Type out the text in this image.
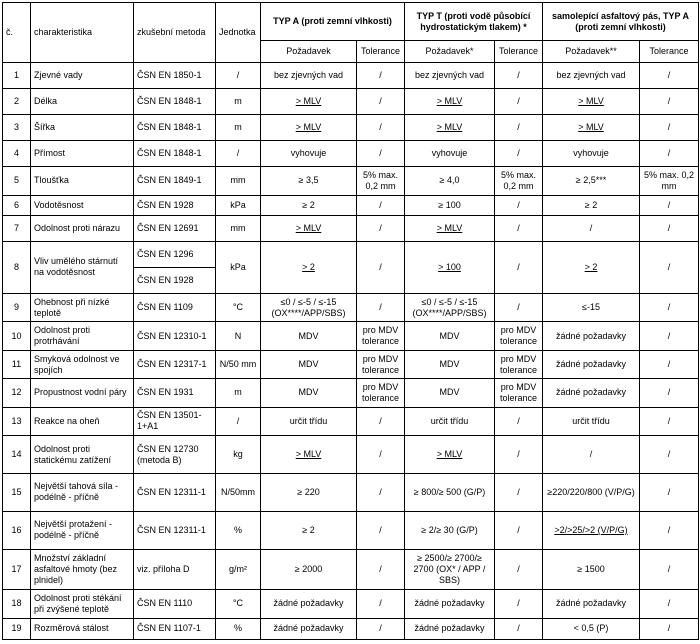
č.	charakteristika	zkušební metoda	Jednotka	TYP A (proti zemní vlhkosti)		TYP T (proti vodě působící hydrostatickým tlakem) *		samolepící asfaltový pás, TYP A (proti zemní vlhkosti)	
				Požadavek	Tolerance	Požadavek*	Tolerance	Požadavek**	Tolerance
1	Zjevné vady	ČSN EN 1850-1	/	bez zjevných vad	/	bez zjevných vad	/	bez zjevných vad	/
2	Délka	ČSN EN 1848-1	m	> MLV	/	> MLV	/	> MLV	/
3	Šířka	ČSN EN 1848-1	m	> MLV	/	> MLV	/	> MLV	/
4	Přímost	ČSN EN 1848-1	/	vyhovuje	/	vyhovuje	/	vyhovuje	/
5	Tloušťka	ČSN EN 1849-1	mm	≥ 3,5	5% max. 0,2 mm	≥ 4,0	5% max. 0,2 mm	≥ 2,5***	5% max. 0,2 mm
6	Vodotěsnost	ČSN EN 1928	kPa	≥ 2	/	≥ 100	/	≥ 2	/
7	Odolnost proti nárazu	ČSN EN 12691	mm	> MLV	/	> MLV	/	/	/
8	Vliv umělého stárnutí na vodotěsnost	ČSN EN 1296	kPa	> 2	/	> 100	/	> 2	/
		ČSN EN 1928							
9	Ohebnost při nízké teplotě	ČSN EN 1109	°C	≤0 / ≤-5 / ≤-15 (OX****/APP/SBS)	/	≤0 / ≤-5 / ≤-15 (OX****/APP/SBS)	/	≤-15	/
10	Odolnost proti protrhávání	ČSN EN 12310-1	N	MDV	pro MDV tolerance	MDV	pro MDV tolerance	žádné požadavky	/
11	Smyková odolnost ve spojích	ČSN EN 12317-1	N/50 mm	MDV	pro MDV tolerance	MDV	pro MDV tolerance	žádné požadavky	/
12	Propustnost vodní páry	ČSN EN 1931	m	MDV	pro MDV tolerance	MDV	pro MDV tolerance	žádné požadavky	/
13	Reakce na oheň	ČSN EN 13501-1+A1	/	určit třídu	/	určit třídu	/	určit třídu	/
14	Odolnost proti statickému zatížení	ČSN EN 12730 (metoda B)	kg	> MLV	/	> MLV	/	/	/
15	Největší tahová síla - podélně - příčně	ČSN EN 12311-1	N/50mm	≥ 220	/	≥ 800/≥ 500 (G/P)	/	≥220/220/800 (V/P/G)	/
16	Největší protažení - podélně - příčně	ČSN EN 12311-1	%	≥ 2	/	≥ 2/≥ 30 (G/P)	/	>2/>25/>2 (V/P/G)	/
17	Množství základní asfaltové hmoty (bez plnidel)	viz. příloha D	g/m²	≥ 2000	/	≥ 2500/≥ 2700/≥ 2700 (OX* / APP / SBS)	/	≥ 1500	/
18	Odolnost proti stékání při zvýšené teplotě	ČSN EN 1110	°C	žádné požadavky	/	žádné požadavky	/	žádné požadavky	/
19	Rozměrová stálost	ČSN EN 1107-1	%	žádné požadavky	/	žádné požadavky	/	< 0,5 (P)	/
